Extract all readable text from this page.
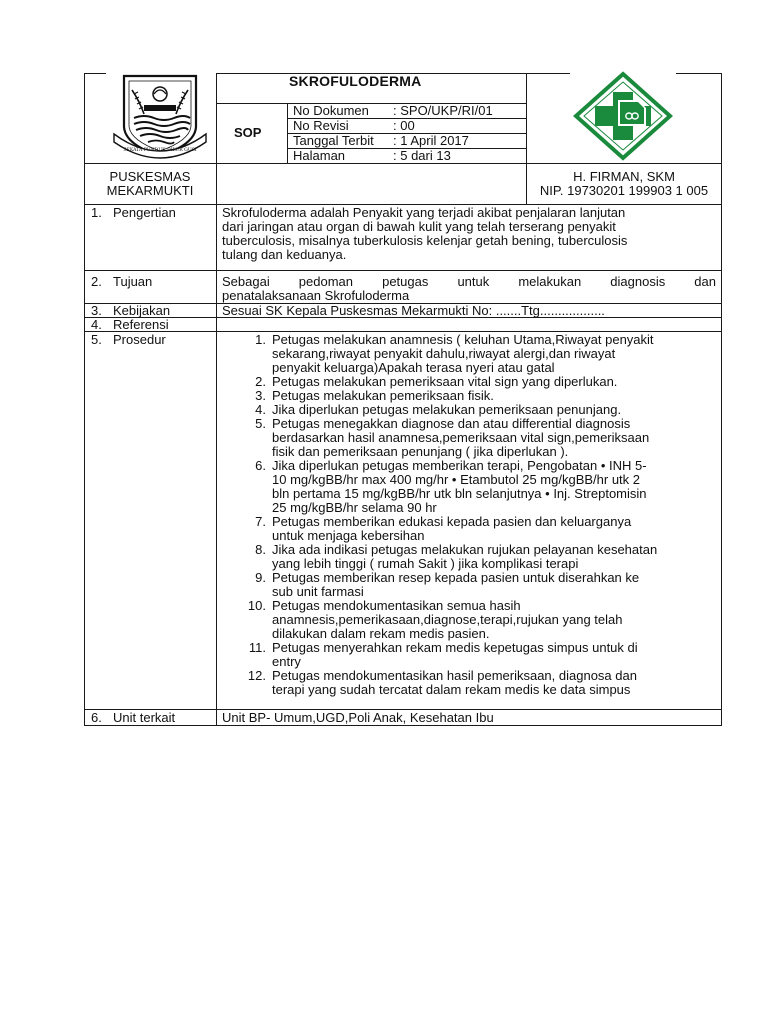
SEKATA PUNDUK DILUR GUSI
SKROFULODERMA
SOP
No Dokumen : SPO/UKP/RI/01
No Revisi	: 00
Tanggal Terbit : 1 April 2017
Halaman	: 5 dari 13
PUSKESMAS
MEKARMUKTI
H. FIRMAN, SKM
NIP. 19730201 199903 1 005
1. Pengertian	Skrofuloderma adalah Penyakit yang terjadi akibat penjalaran lanjutan
dari jaringan atau organ di bawah kulit yang telah terserang penyakit
tuberculosis, misalnya tuberkulosis kelenjar getah bening, tuberculosis
tulang dan keduanya.
2. Tujuan	Sebagai pedoman petugas untuk melakukan diagnosis dan
penatalaksanaan Skrofuloderma
3. Kebijakan	Sesuai SK Kepala Puskesmas Mekarmukti No: .......Ttg..................
4. Referensi
5. Prosedur	1. Petugas melakukan anamnesis ( keluhan Utama,Riwayat penyakit
sekarang,riwayat penyakit dahulu,riwayat alergi,dan riwayat
penyakit keluarga)Apakah terasa nyeri atau gatal
2. Petugas melakukan pemeriksaan vital sign yang diperlukan.
3. Petugas melakukan pemeriksaan fisik.
4. Jika diperlukan petugas melakukan pemeriksaan penunjang.
5. Petugas menegakkan diagnose dan atau differential diagnosis
berdasarkan hasil anamnesa,pemeriksaan vital sign,pemeriksaan
fisik dan pemeriksaan penunjang ( jika diperlukan ).
6. Jika diperlukan petugas memberikan terapi, Pengobatan • INH 5-
10 mg/kgBB/hr max 400 mg/hr • Etambutol 25 mg/kgBB/hr utk 2
bln pertama 15 mg/kgBB/hr utk bln selanjutnya • Inj. Streptomisin
25 mg/kgBB/hr selama 90 hr
7. Petugas memberikan edukasi kepada pasien dan keluarganya
untuk menjaga kebersihan
8. Jika ada indikasi petugas melakukan rujukan pelayanan kesehatan
yang lebih tinggi ( rumah Sakit ) jika komplikasi terapi
9. Petugas memberikan resep kepada pasien untuk diserahkan ke
sub unit farmasi
10. Petugas mendokumentasikan semua hasih
anamnesis,pemerikasaan,diagnose,terapi,rujukan yang telah
dilakukan dalam rekam medis pasien.
11. Petugas menyerahkan rekam medis kepetugas simpus untuk di
entry
12. Petugas mendokumentasikan hasil pemeriksaan, diagnosa dan
terapi yang sudah tercatat dalam rekam medis ke data simpus
6. Unit terkait	Unit BP- Umum,UGD,Poli Anak, Kesehatan Ibu
